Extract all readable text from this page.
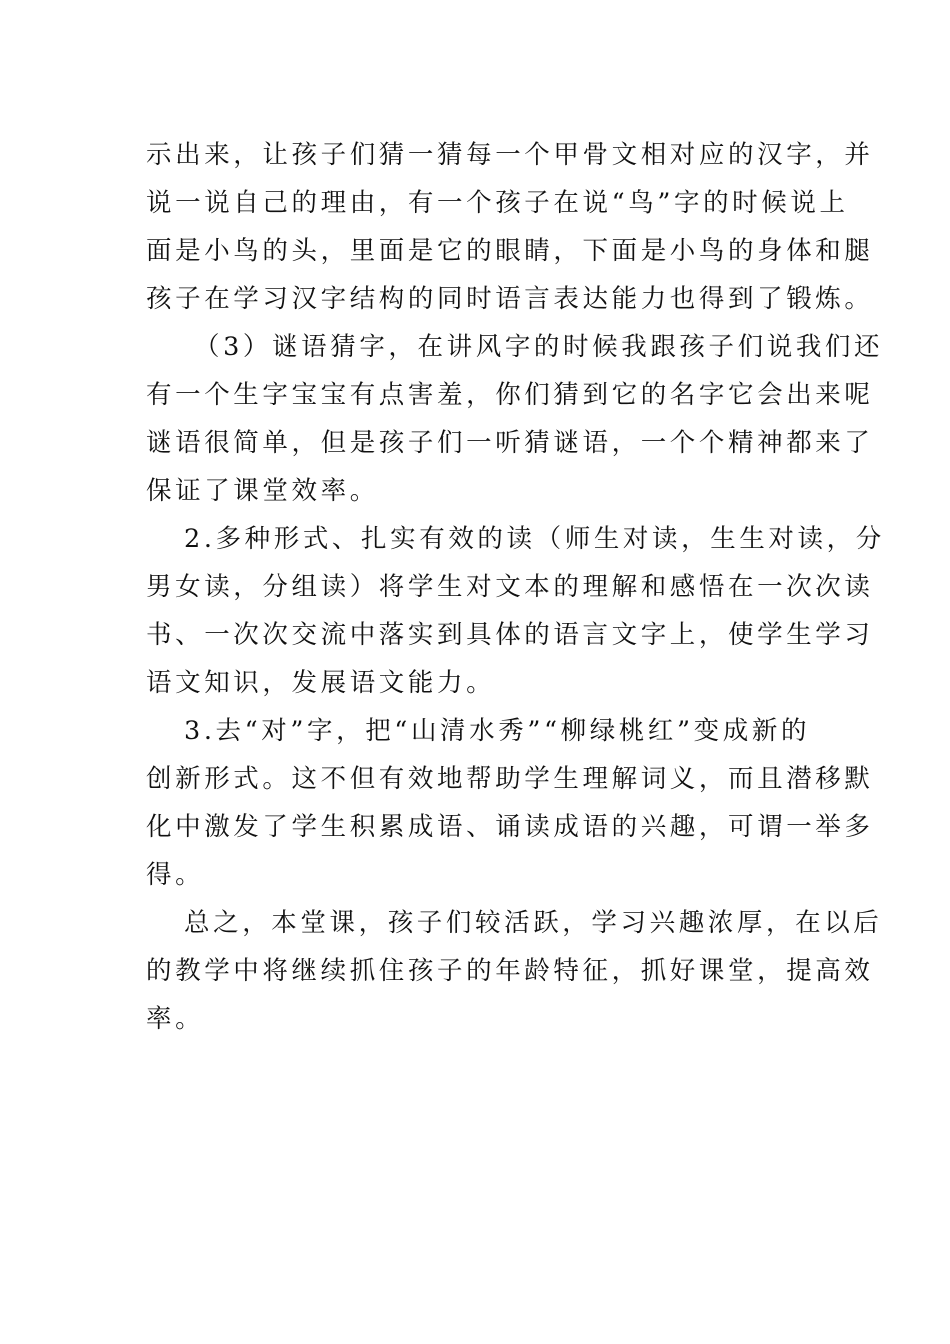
示出来，让孩子们猜一猜每一个甲骨文相对应的汉字，并
说一说自己的理由，有一个孩子在说“鸟”字的时候说上
面是小鸟的头，里面是它的眼睛，下面是小鸟的身体和腿
孩子在学习汉字结构的同时语言表达能力也得到了锻炼。
（3）谜语猜字，在讲风字的时候我跟孩子们说我们还
有一个生字宝宝有点害羞，你们猜到它的名字它会出来呢
谜语很简单，但是孩子们一听猜谜语，一个个精神都来了
保证了课堂效率。
2.多种形式、扎实有效的读（师生对读，生生对读，分
男女读，分组读）将学生对文本的理解和感悟在一次次读
书、一次次交流中落实到具体的语言文字上，使学生学习
语文知识，发展语文能力。
3.去“对”字，把“山清水秀”“柳绿桃红”变成新的
创新形式。这不但有效地帮助学生理解词义，而且潜移默
化中激发了学生积累成语、诵读成语的兴趣，可谓一举多
得。
总之，本堂课，孩子们较活跃，学习兴趣浓厚，在以后
的教学中将继续抓住孩子的年龄特征，抓好课堂，提高效
率。
